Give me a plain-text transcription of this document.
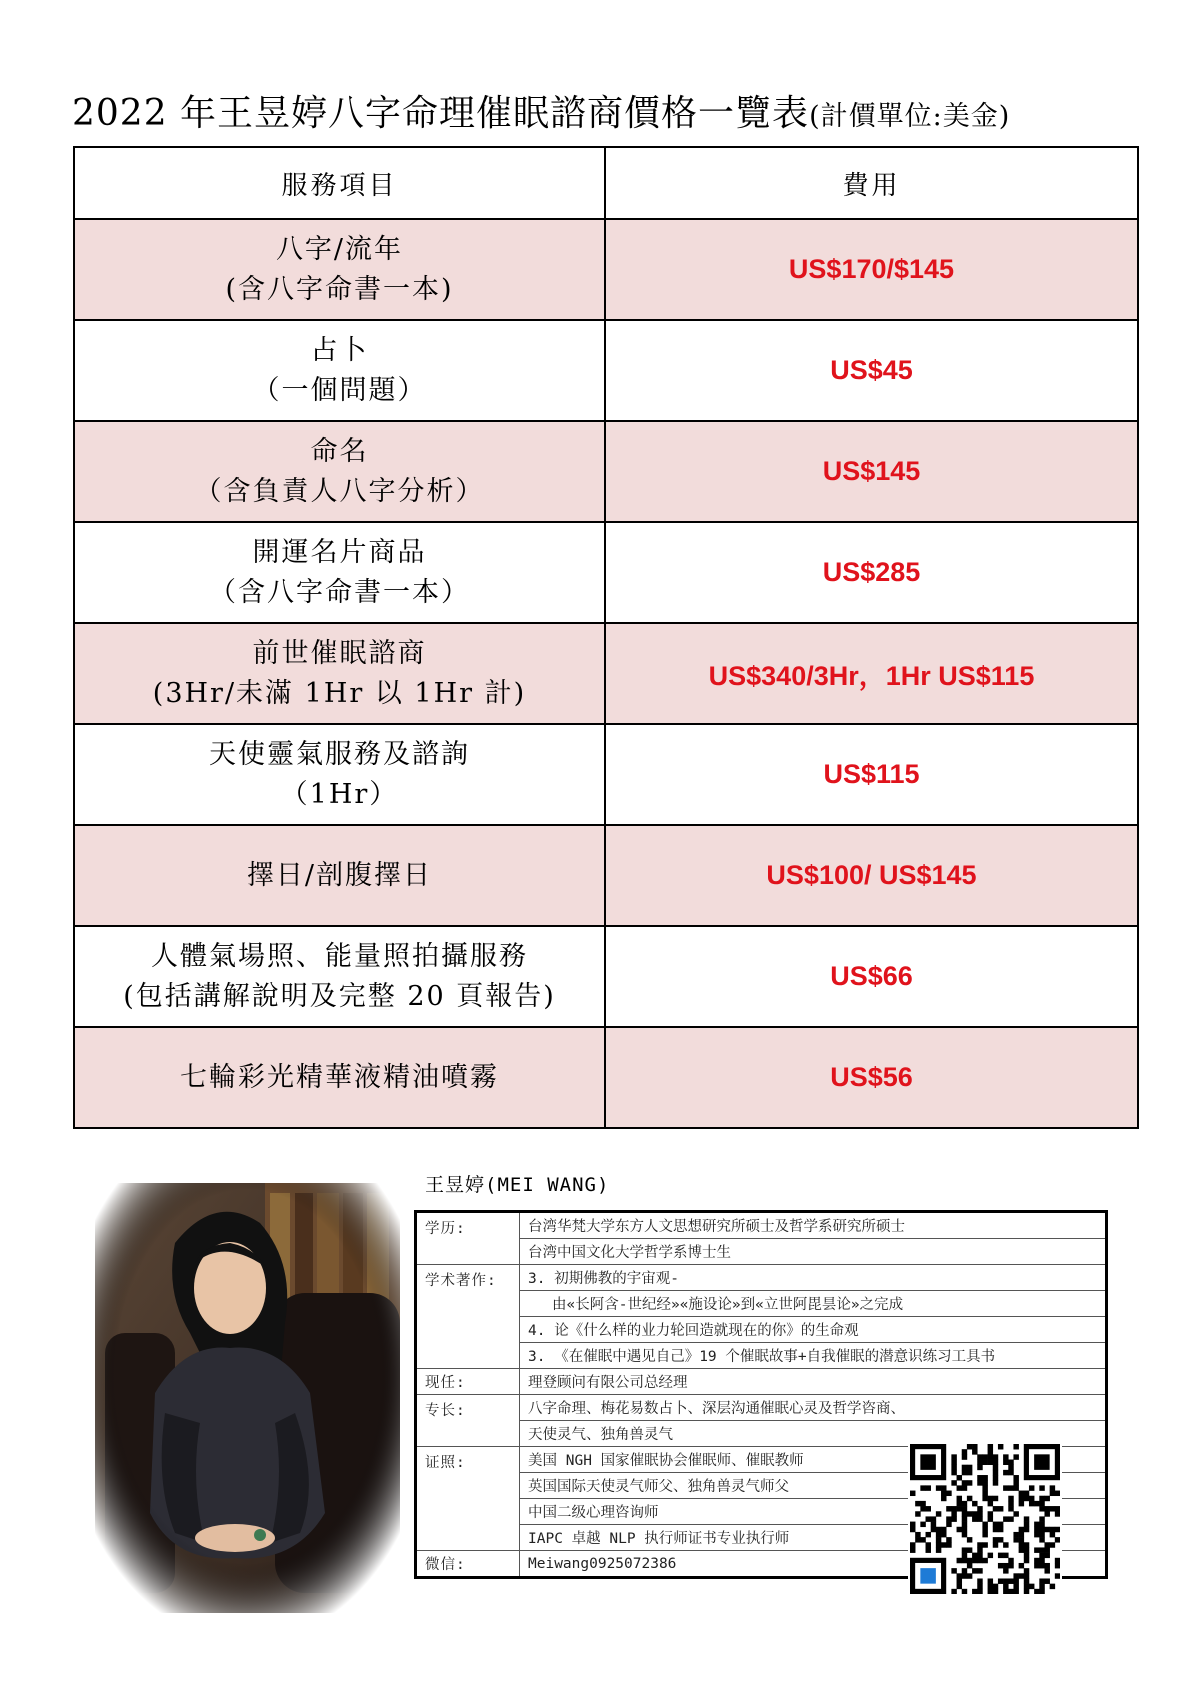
2022 年王昱婷八字命理催眠諮商價格一覽表(計價單位:美金)
服務項目	費用
八字/流年
(含八字命書一本)	US$170/$145
占卜
（一個問題）	US$45
命名
（含負責人八字分析）	US$145
開運名片商品
（含八字命書一本）	US$285
前世催眠諮商
(3Hr/未滿 1Hr 以 1Hr 計)	US$340/3Hr，1Hr US$115
天使靈氣服務及諮詢
（1Hr）	US$115
擇日/剖腹擇日	US$100/ US$145
人體氣場照、能量照拍攝服務
(包括講解說明及完整 20 頁報告)	US$66
七輪彩光精華液精油噴霧	US$56
王昱婷(MEI WANG)
学历:	台湾华梵大学东方人文思想研究所硕士及哲学系研究所硕士
	台湾中国文化大学哲学系博士生
学术著作:	3. 初期佛教的宇宙观-
	由«长阿含-世纪经»«施设论»到«立世阿毘昙论»之完成
	4. 论《什么样的业力轮回造就现在的你》的生命观
	3. 《在催眠中遇见自己》19 个催眠故事+自我催眠的潜意识练习工具书
现任:	理登顾问有限公司总经理
专长:	八字命理、梅花易数占卜、深层沟通催眠心灵及哲学咨商、
	天使灵气、独角兽灵气
证照:	美国 NGH 国家催眠协会催眠师、催眠教师
	英国国际天使灵气师父、独角兽灵气师父
	中国二级心理咨询师
	IAPC 卓越 NLP 执行师证书专业执行师
微信:	Meiwang0925072386
